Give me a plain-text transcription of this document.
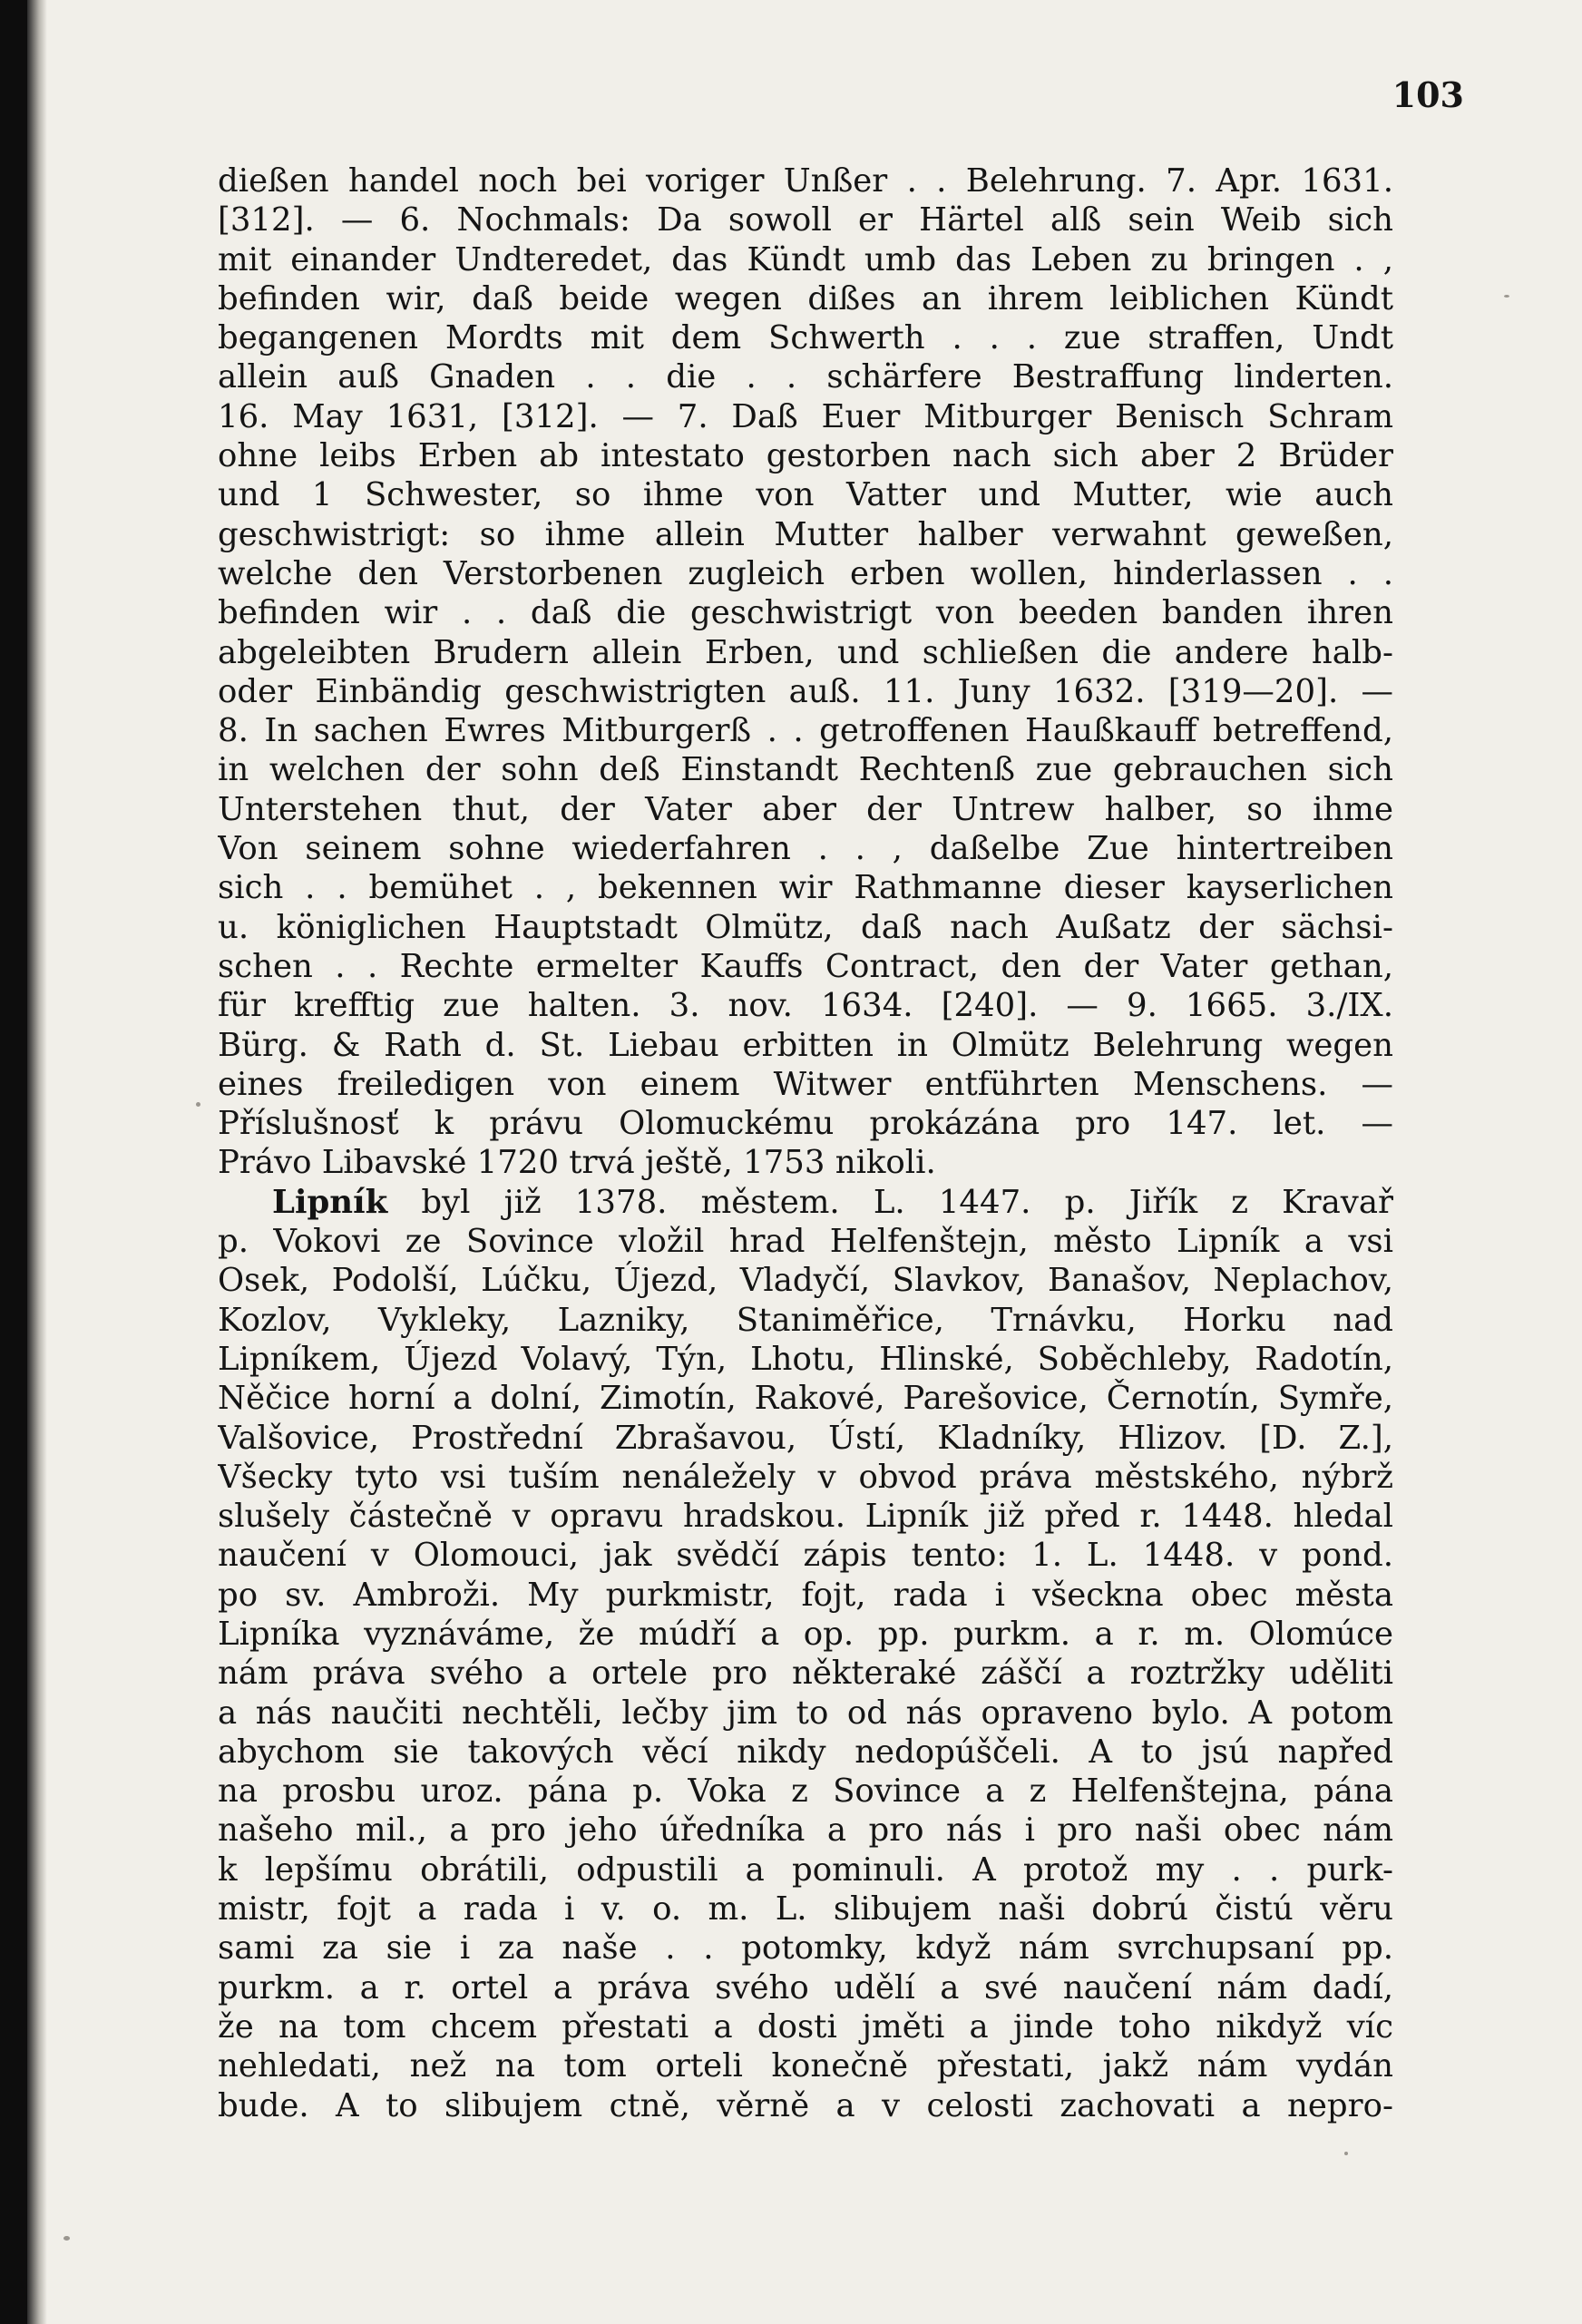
103

dießen handel noch bei voriger Unßer . . Belehrung. 7. Apr. 1631.
[312]. — 6. Nochmals: Da sowoll er Härtel alß sein Weib sich
mit einander Undteredet, das Kündt umb das Leben zu bringen . ,
befinden wir, daß beide wegen dißes an ihrem leiblichen Kündt
begangenen Mordts mit dem Schwerth . . . zue straffen, Undt
allein auß Gnaden . . die . . schärfere Bestraffung linderten.
16. May 1631, [312]. — 7. Daß Euer Mitburger Benisch Schram
ohne leibs Erben ab intestato gestorben nach sich aber 2 Brüder
und 1 Schwester, so ihme von Vatter und Mutter, wie auch
geschwistrigt: so ihme allein Mutter halber verwahnt geweßen,
welche den Verstorbenen zugleich erben wollen, hinderlassen . .
befinden wir . . daß die geschwistrigt von beeden banden ihren
abgeleibten Brudern allein Erben, und schließen die andere halb-
oder Einbändig geschwistrigten auß. 11. Juny 1632. [319—20]. —
8. In sachen Ewres Mitburgerß . . getroffenen Haußkauff betreffend,
in welchen der sohn deß Einstandt Rechtenß zue gebrauchen sich
Unterstehen thut, der Vater aber der Untrew halber, so ihme
Von seinem sohne wiederfahren . . , daßelbe Zue hintertreiben
sich . . bemühet . , bekennen wir Rathmanne dieser kayserlichen
u. königlichen Hauptstadt Olmütz, daß nach Außatz der sächsi-
schen . . Rechte ermelter Kauffs Contract, den der Vater gethan,
für krefftig zue halten. 3. nov. 1634. [240]. — 9. 1665. 3./IX.
Bürg. & Rath d. St. Liebau erbitten in Olmütz Belehrung wegen
eines freiledigen von einem Witwer entführten Menschens. —
Příslušnosť k právu Olomuckému prokázána pro 147. let. —
Právo Libavské 1720 trvá ještě, 1753 nikoli.
Lipník byl již 1378. městem. L. 1447. p. Jiřík z Kravař
p. Vokovi ze Sovince vložil hrad Helfenštejn, město Lipník a vsi
Osek, Podolší, Lúčku, Újezd, Vladyčí, Slavkov, Banašov, Neplachov,
Kozlov, Vykleky, Lazniky, Staniměřice, Trnávku, Horku nad
Lipníkem, Újezd Volavý, Týn, Lhotu, Hlinské, Soběchleby, Radotín,
Něčice horní a dolní, Zimotín, Rakové, Parešovice, Černotín, Symře,
Valšovice, Prostřední Zbrašavou, Ústí, Kladníky, Hlizov. [D. Z.],
Všecky tyto vsi tuším nenáležely v obvod práva městského, nýbrž
slušely částečně v opravu hradskou. Lipník již před r. 1448. hledal
naučení v Olomouci, jak svědčí zápis tento: 1. L. 1448. v pond.
po sv. Ambroži. My purkmistr, fojt, rada i všeckna obec města
Lipníka vyznáváme, že múdří a op. pp. purkm. a r. m. Olomúce
nám práva svého a ortele pro některaké záščí a roztržky uděliti
a nás naučiti nechtěli, lečby jim to od nás opraveno bylo. A potom
abychom sie takových věcí nikdy nedopúščeli. A to jsú napřed
na prosbu uroz. pána p. Voka z Sovince a z Helfenštejna, pána
našeho mil., a pro jeho úředníka a pro nás i pro naši obec nám
k lepšímu obrátili, odpustili a pominuli. A protož my . . purk-
mistr, fojt a rada i v. o. m. L. slibujem naši dobrú čistú věru
sami za sie i za naše . . potomky, když nám svrchupsaní pp.
purkm. a r. ortel a práva svého udělí a své naučení nám dadí,
že na tom chcem přestati a dosti jměti a jinde toho nikdyž víc
nehledati, než na tom orteli konečně přestati, jakž nám vydán
bude. A to slibujem ctně, věrně a v celosti zachovati a nepro-
